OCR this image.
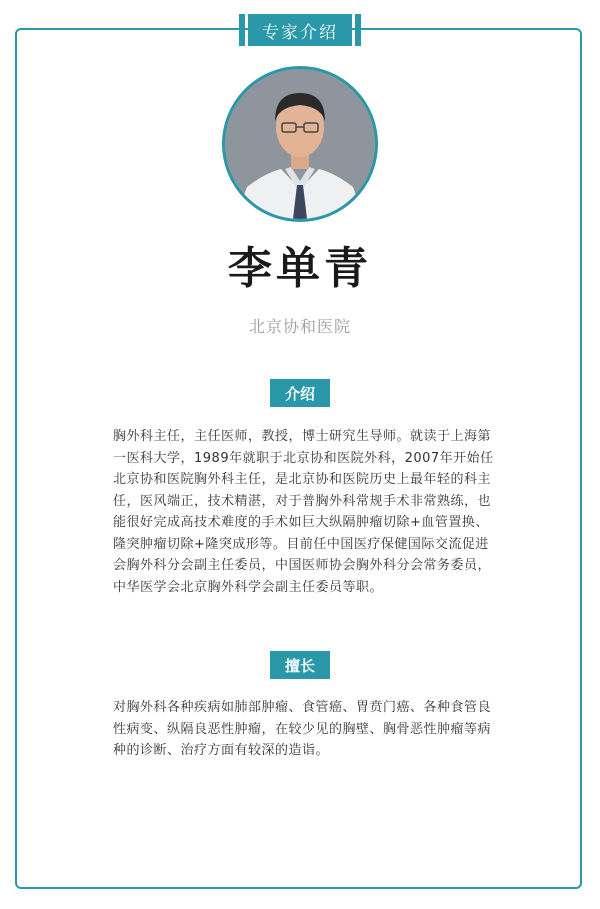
专家介绍
李单青
北京协和医院
介绍
胸外科主任，主任医师，教授，博士研究生导师。就读于上海第一医科大学，1989年就职于北京协和医院外科，2007年开始任北京协和医院胸外科主任，是北京协和医院历史上最年轻的科主任，医风端正，技术精湛，对于普胸外科常规手术非常熟练，也能很好完成高技术难度的手术如巨大纵隔肿瘤切除+血管置换、隆突肿瘤切除+隆突成形等。目前任中国医疗保健国际交流促进会胸外科分会副主任委员，中国医师协会胸外科分会常务委员，中华医学会北京胸外科学会副主任委员等职。
擅长
对胸外科各种疾病如肺部肿瘤、食管癌、胃贲门癌、各种食管良性病变、纵隔良恶性肿瘤，在较少见的胸壁、胸骨恶性肿瘤等病种的诊断、治疗方面有较深的造诣。
